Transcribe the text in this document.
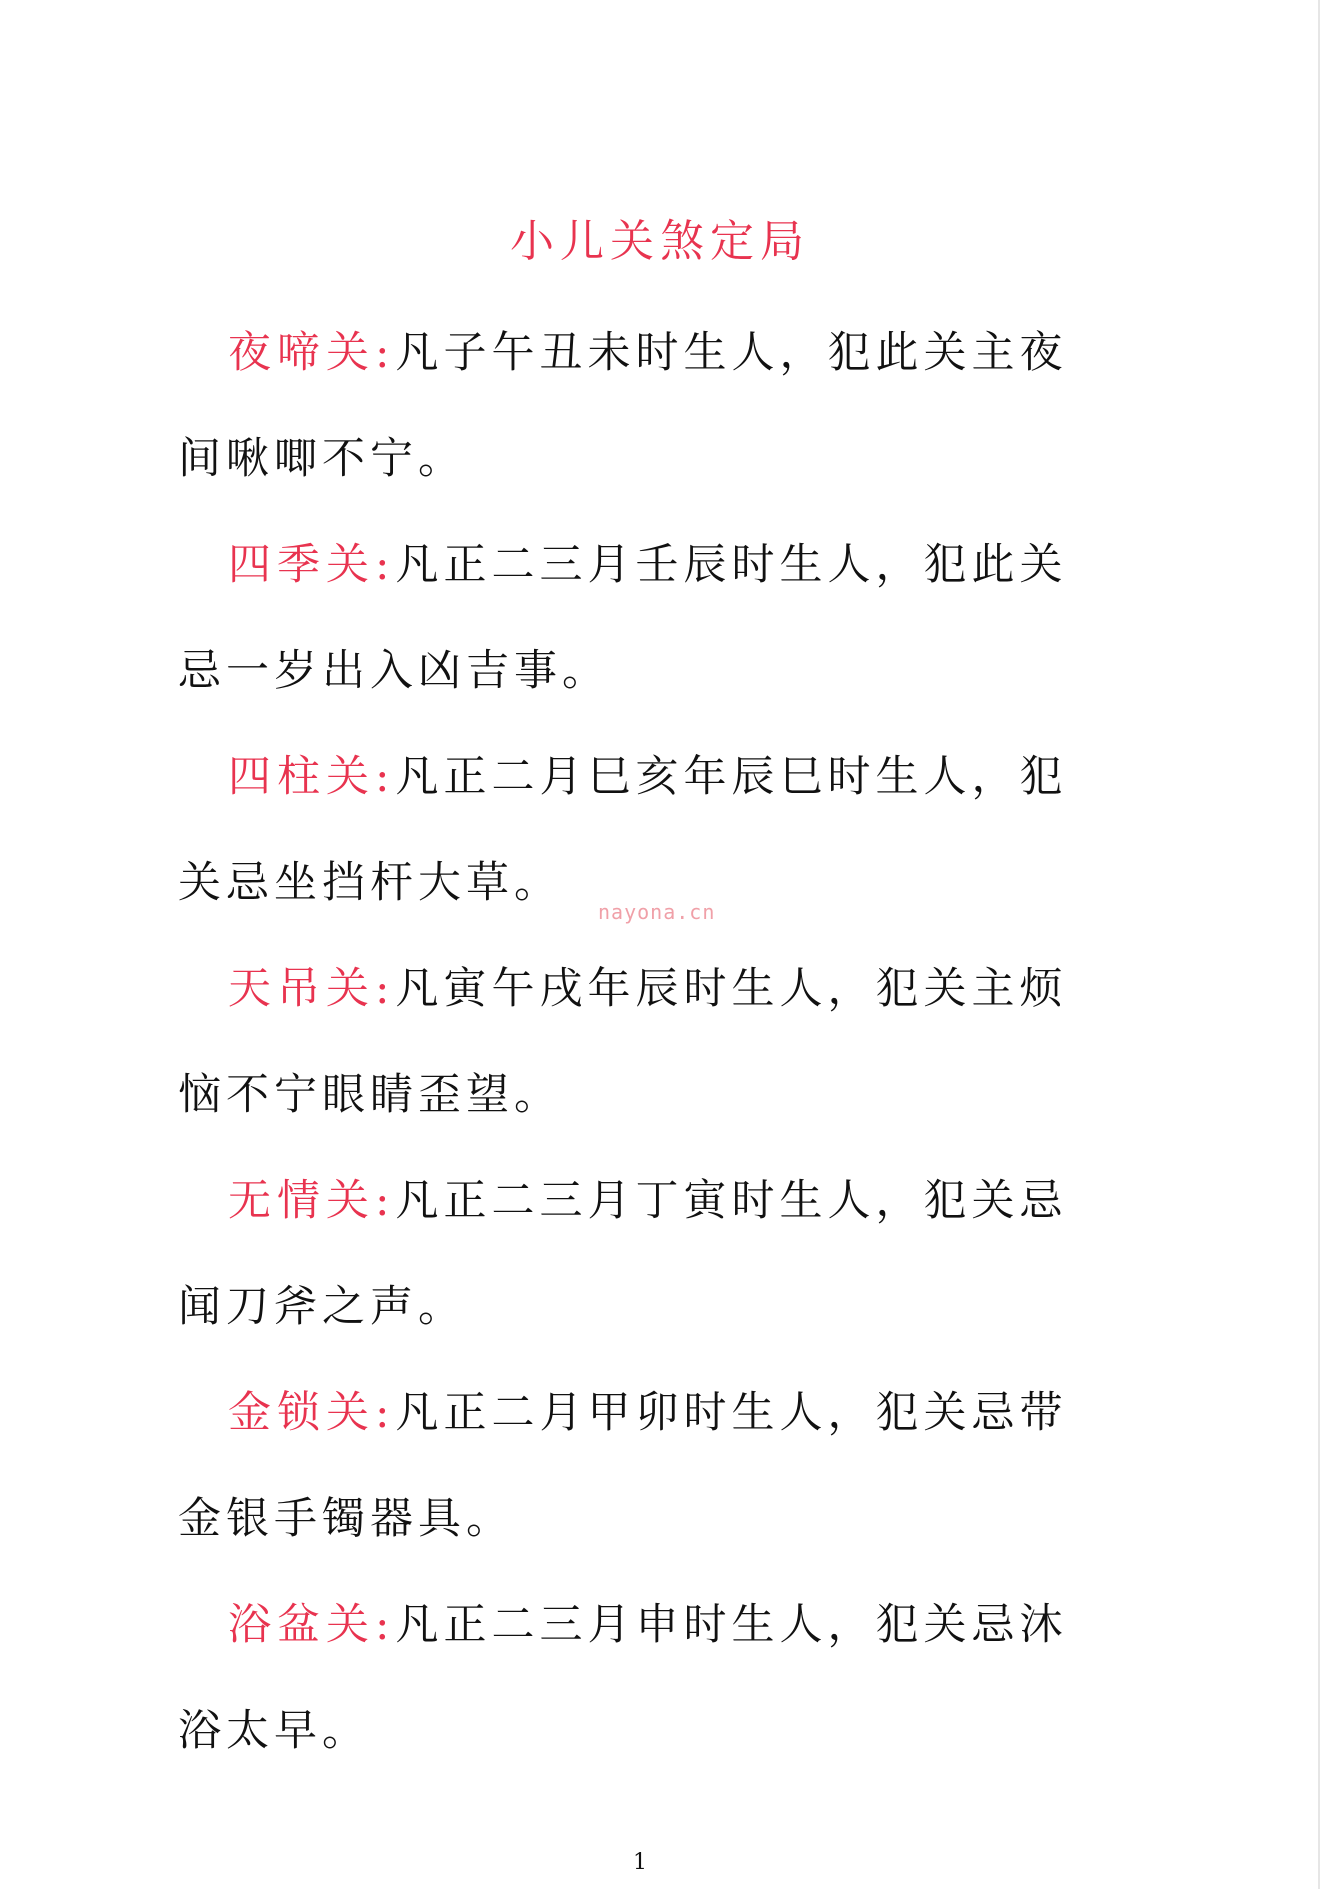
小儿关煞定局
夜啼关:凡子午丑未时生人，犯此关主夜间啾唧不宁。
四季关:凡正二三月壬辰时生人，犯此关忌一岁出入凶吉事。
四柱关:凡正二月巳亥年辰巳时生人，犯关忌坐挡杆大草。
天吊关:凡寅午戌年辰时生人，犯关主烦恼不宁眼睛歪望。
无情关:凡正二三月丁寅时生人，犯关忌闻刀斧之声。
金锁关:凡正二月甲卯时生人，犯关忌带金银手镯器具。
浴盆关:凡正二三月申时生人，犯关忌沐浴太早。
nayona.cn
1
